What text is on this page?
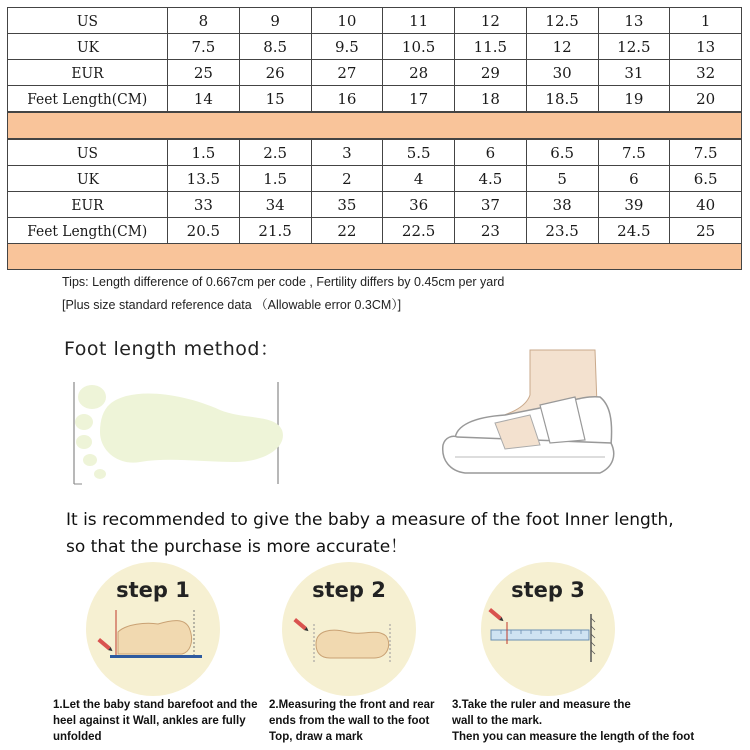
US	8	9	10	11	12	12.5	13	1
UK	7.5	8.5	9.5	10.5	11.5	12	12.5	13
EUR	25	26	27	28	29	30	31	32
Feet Length(CM)	14	15	16	17	18	18.5	19	20
US	1.5	2.5	3	5.5	6	6.5	7.5	7.5
UK	13.5	1.5	2	4	4.5	5	6	6.5
EUR	33	34	35	36	37	38	39	40
Feet Length(CM)	20.5	21.5	22	22.5	23	23.5	24.5	25
Tips: Length difference of 0.667cm per code , Fertility differs by 0.45cm per yard
[Plus size standard reference data （Allowable error 0.3CM）]
Foot length method：
It is recommended to give the baby a measure of the foot Inner length,
so that the purchase is more accurate！
step 1	step 2	step 3
1.Let the baby stand barefoot and the
heel against it Wall, ankles are fully
unfolded
2.Measuring the front and rear
ends from the wall to the foot
Top, draw a mark
3.Take the ruler and measure the
wall to the mark.
Then you can measure the length of the foot
